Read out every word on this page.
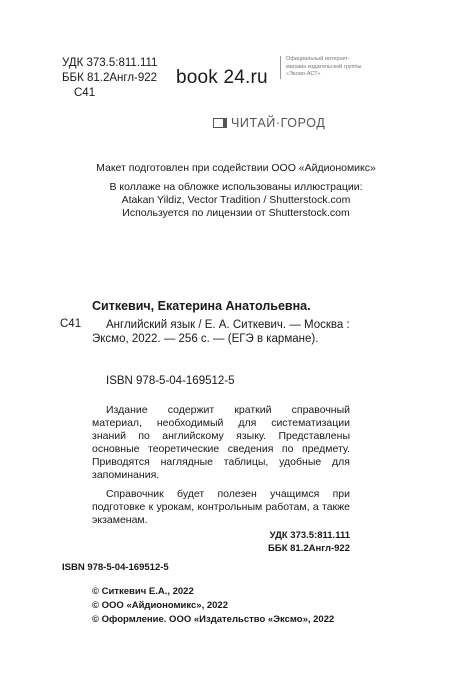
УДК 373.5:811.111
ББК 81.2Англ-922
С41
book 24.ru
Официальный интернет-магазин издательской группы «Эксмо-АСТ»
ЧИТАЙ·ГОРОД
Макет подготовлен при содействии ООО «Айдиономикс»
В коллаже на обложке использованы иллюстрации:
Atakan Yildiz, Vector Tradition / Shutterstock.com
Используется по лицензии от Shutterstock.com
Ситкевич, Екатерина Анатольевна.
С41	Английский язык / Е. А. Ситкевич. — Москва : Эксмо, 2022. — 256 с. — (ЕГЭ в кармане).
ISBN 978-5-04-169512-5
Издание содержит краткий справочный материал, необходимый для систематизации знаний по английскому языку. Представлены основные теоретические сведения по предмету. Приводятся наглядные таблицы, удобные для запоминания.
Справочник будет полезен учащимся при подготовке к урокам, контрольным работам, а также экзаменам.
УДК 373.5:811.111
ББК 81.2Англ-922
ISBN 978-5-04-169512-5
© Ситкевич Е.А., 2022
© ООО «Айдиономикс», 2022
© Оформление. ООО «Издательство «Эксмо», 2022
